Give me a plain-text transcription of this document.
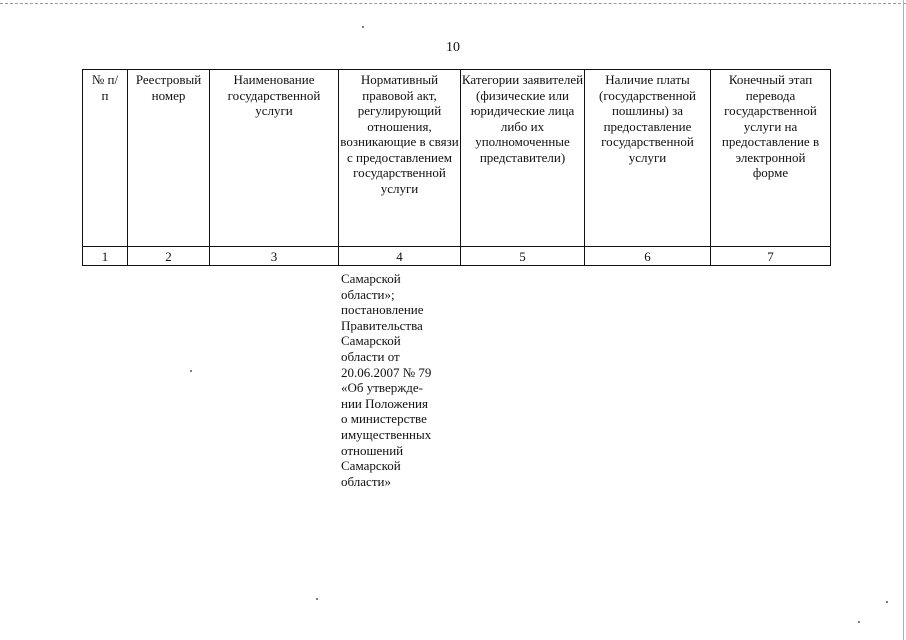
10
№ п/п	Реестровый номер	Наименование государственной услуги	Нормативный правовой акт, регулирующий отношения, возникающие в связи с предоставлением государственной услуги	Категории заявителей (физические или юридические лица либо их уполномоченные представители)	Наличие платы (государственной пошлины) за предоставление государственной услуги	Конечный этап перевода государственной услуги на предоставление в электронной форме
1	2	3	4	5	6	7
Самарской
области»;
постановление
Правительства
Самарской
области от
20.06.2007 № 79
«Об утвержде-
нии Положения
о министерстве
имущественных
отношений
Самарской
области»
